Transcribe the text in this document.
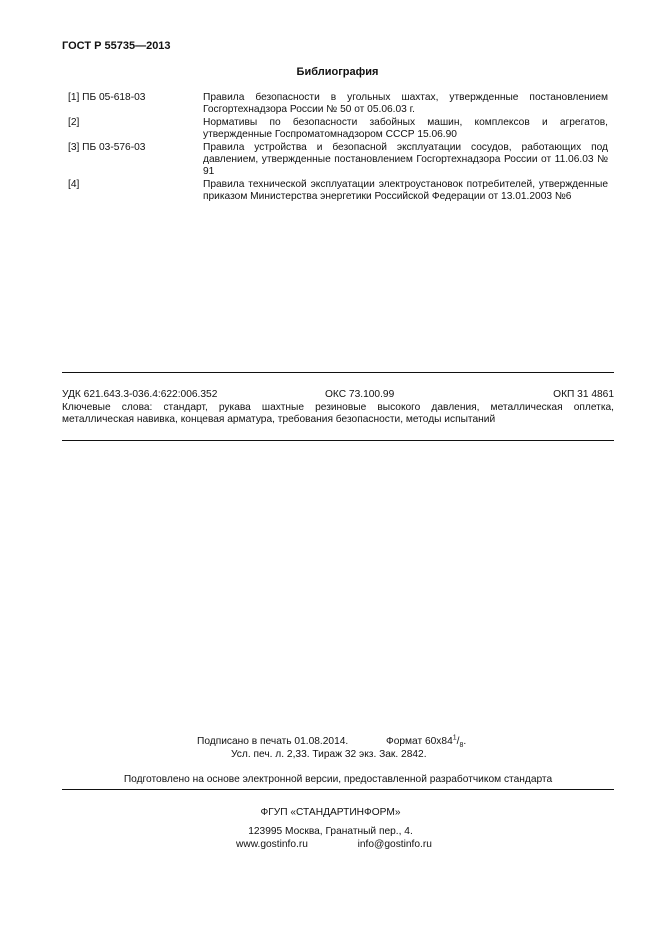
ГОСТ Р 55735—2013
Библиография
[1] ПБ 05-618-03	Правила безопасности в угольных шахтах, утвержденные постановлением Госгортехнадзора России № 50 от 05.06.03 г.
[2]	Нормативы по безопасности забойных машин, комплексов и агрегатов, утвержденные Госпроматомнадзором СССР 15.06.90
[3] ПБ 03-576-03	Правила устройства и безопасной эксплуатации сосудов, работающих под давлением, утвержденные постановлением Госгортехнадзора России от 11.06.03 № 91
[4]	Правила технической эксплуатации электроустановок потребителей, утвержденные приказом Министерства энергетики Российской Федерации от 13.01.2003 №6
УДК 621.643.3-036.4:622:006.352	ОКС 73.100.99	ОКП 31 4861
Ключевые слова: стандарт, рукава шахтные резиновые высокого давления, металлическая оплетка, металлическая навивка, концевая арматура, требования безопасности, методы испытаний
Подписано в печать 01.08.2014.	Формат $60x84^1/_8$.
Усл. печ. л. 2,33. Тираж 32 экз. Зак. 2842.
Подготовлено на основе электронной версии, предоставленной разработчиком стандарта
ФГУП «СТАНДАРТИНФОРМ»
123995 Москва, Гранатный пер., 4.
www.gostinfo.ru	info@gostinfo.ru
